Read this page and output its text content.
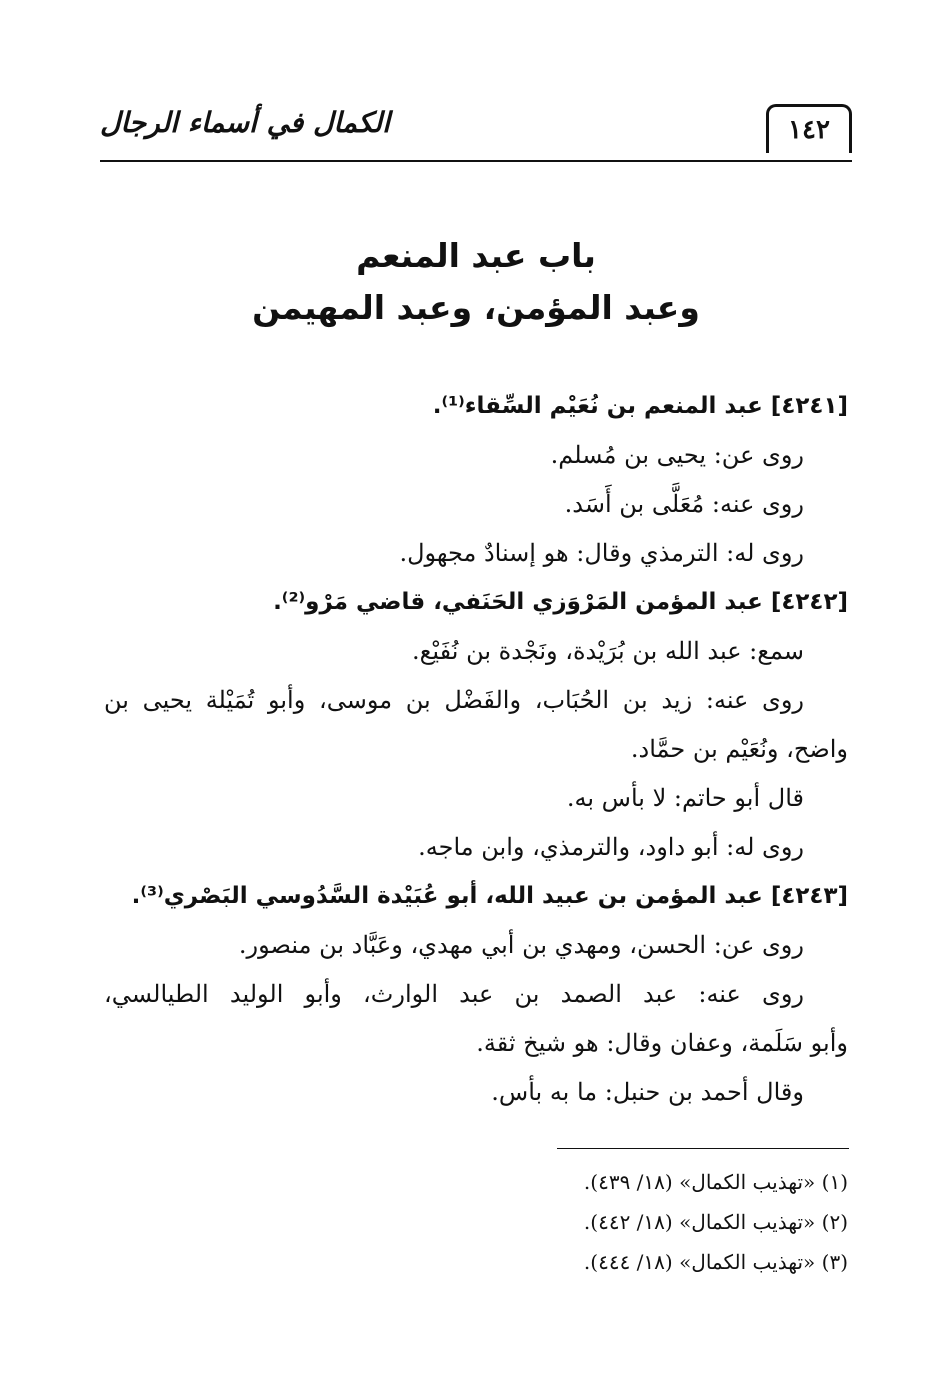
الكمال في أسماء الرجال	١٤٢
باب عبد المنعم
وعبد المؤمن، وعبد المهيمن
[٤٢٤١] عبد المنعم بن نُعَيْم السِّقاء⁽¹⁾.
روى عن: يحيى بن مُسلم.
روى عنه: مُعَلَّى بن أَسَد.
روى له: الترمذي وقال: هو إسنادٌ مجهول.
[٤٢٤٢] عبد المؤمن المَرْوَزي الحَنَفي، قاضي مَرْو⁽²⁾.
سمع: عبد الله بن بُرَيْدة، ونَجْدة بن نُفَيْع.
روى عنه: زيد بن الحُبَاب، والفَضْل بن موسى، وأبو تُمَيْلة يحيى بن
واضح، ونُعَيْم بن حمَّاد.
قال أبو حاتم: لا بأس به.
روى له: أبو داود، والترمذي، وابن ماجه.
[٤٢٤٣] عبد المؤمن بن عبيد الله، أبو عُبَيْدة السَّدُوسي البَصْري⁽³⁾.
روى عن: الحسن، ومهدي بن أبي مهدي، وعَبَّاد بن منصور.
روى عنه: عبد الصمد بن عبد الوارث، وأبو الوليد الطيالسي،
وأبو سَلَمة، وعفان وقال: هو شيخ ثقة.
وقال أحمد بن حنبل: ما به بأس.
(١) «تهذيب الكمال» (١٨/ ٤٣٩).
(٢) «تهذيب الكمال» (١٨/ ٤٤٢).
(٣) «تهذيب الكمال» (١٨/ ٤٤٤).
